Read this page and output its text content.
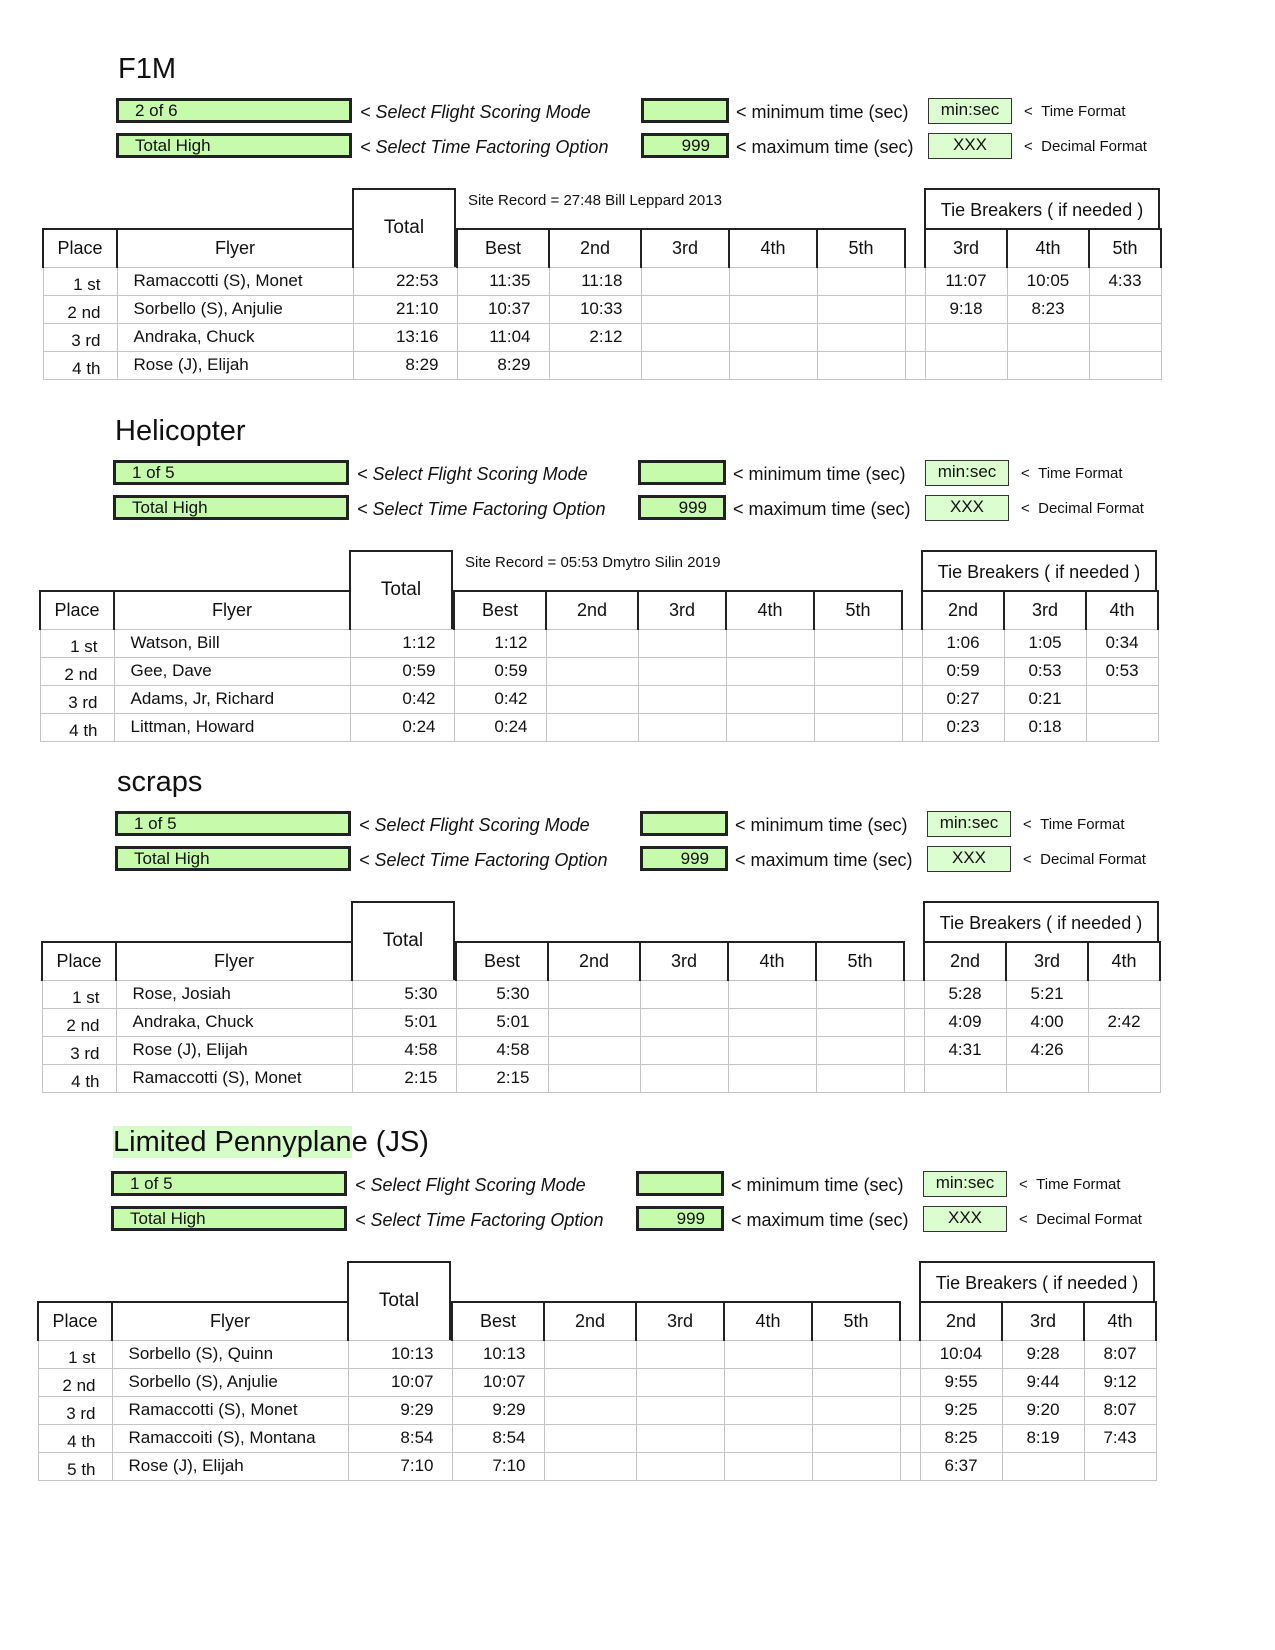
F1M
2 of 6	< Select Flight Scoring Mode	< minimum time (sec)	min:sec	< Time Format
Total High	< Select Time Factoring Option	999	< maximum time (sec)	XXX	< Decimal Format
Total
Site Record = 27:48 Bill Leppard 2013	Tie Breakers ( if needed )
Place	Flyer		Best	2nd	3rd	4th	5th		3rd	4th	5th
1 st	Ramaccotti (S), Monet	22:53	11:35	11:18					11:07	10:05	4:33
2 nd	Sorbello (S), Anjulie	21:10	10:37	10:33					9:18	8:23	
3 rd	Andraka, Chuck	13:16	11:04	2:12							
4 th	Rose (J), Elijah	8:29	8:29								
Helicopter
1 of 5	< Select Flight Scoring Mode	< minimum time (sec)	min:sec	< Time Format
Total High	< Select Time Factoring Option	999	< maximum time (sec)	XXX	< Decimal Format
Total
Site Record = 05:53 Dmytro Silin 2019	Tie Breakers ( if needed )
Place	Flyer		Best	2nd	3rd	4th	5th		2nd	3rd	4th
1 st	Watson, Bill	1:12	1:12						1:06	1:05	0:34
2 nd	Gee, Dave	0:59	0:59						0:59	0:53	0:53
3 rd	Adams, Jr, Richard	0:42	0:42						0:27	0:21	
4 th	Littman, Howard	0:24	0:24						0:23	0:18	
scraps
1 of 5	< Select Flight Scoring Mode	< minimum time (sec)	min:sec	< Time Format
Total High	< Select Time Factoring Option	999	< maximum time (sec)	XXX	< Decimal Format
Total
Tie Breakers ( if needed )
Place	Flyer		Best	2nd	3rd	4th	5th		2nd	3rd	4th
1 st	Rose, Josiah	5:30	5:30						5:28	5:21	
2 nd	Andraka, Chuck	5:01	5:01						4:09	4:00	2:42
3 rd	Rose (J), Elijah	4:58	4:58						4:31	4:26	
4 th	Ramaccotti (S), Monet	2:15	2:15								
Limited Pennyplane (JS)
1 of 5	< Select Flight Scoring Mode	< minimum time (sec)	min:sec	< Time Format
Total High	< Select Time Factoring Option	999	< maximum time (sec)	XXX	< Decimal Format
Total
Tie Breakers ( if needed )
Place	Flyer		Best	2nd	3rd	4th	5th		2nd	3rd	4th
1 st	Sorbello (S), Quinn	10:13	10:13						10:04	9:28	8:07
2 nd	Sorbello (S), Anjulie	10:07	10:07						9:55	9:44	9:12
3 rd	Ramaccotti (S), Monet	9:29	9:29						9:25	9:20	8:07
4 th	Ramaccoiti (S), Montana	8:54	8:54						8:25	8:19	7:43
5 th	Rose (J), Elijah	7:10	7:10						6:37		
